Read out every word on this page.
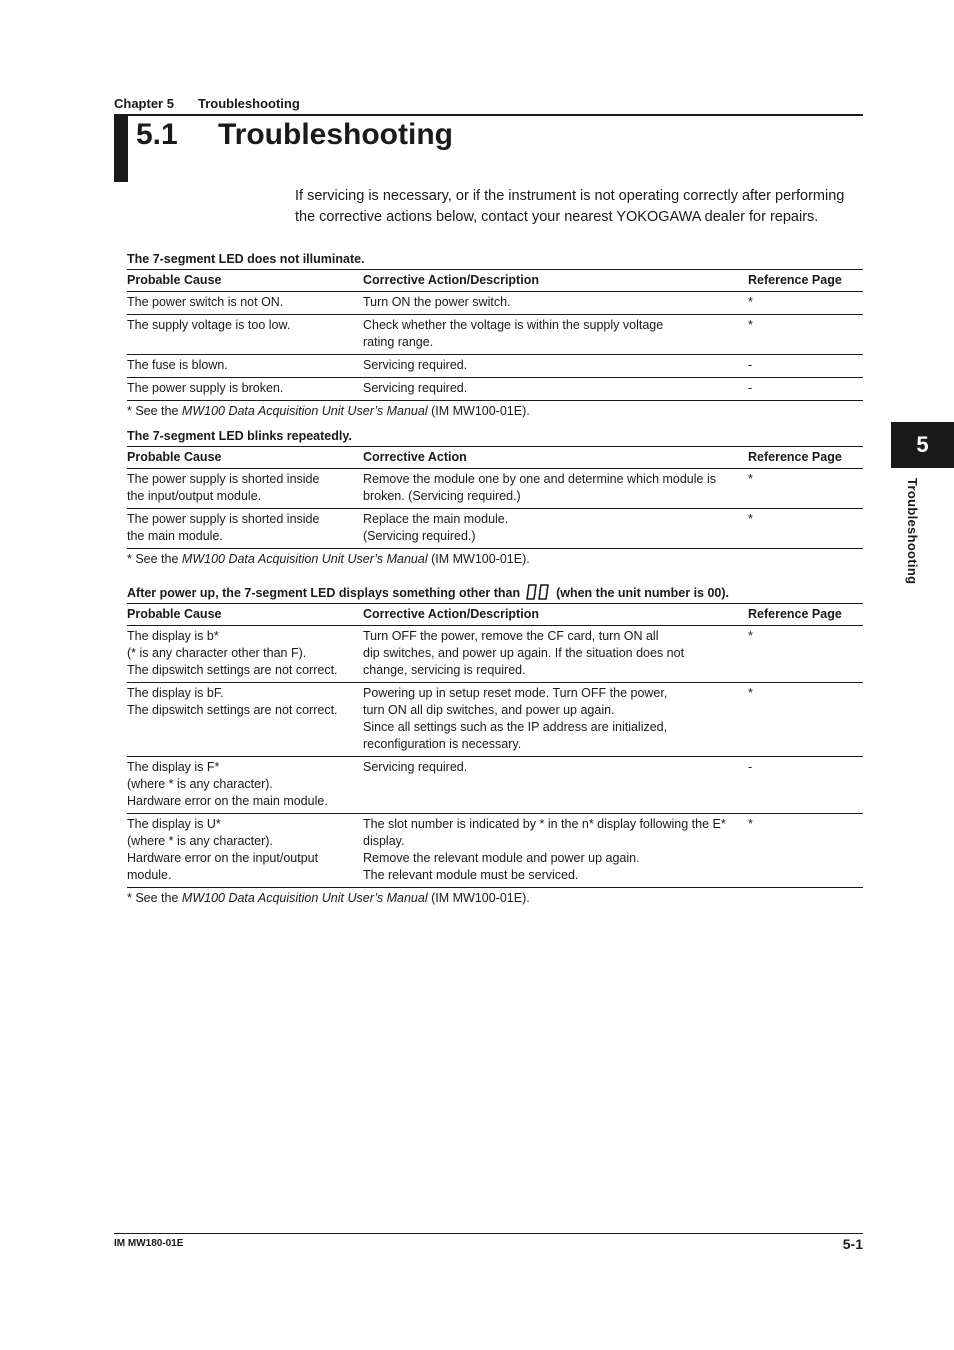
Chapter 5 Troubleshooting
5.1 Troubleshooting
If servicing is necessary, or if the instrument is not operating correctly after performing the corrective actions below, contact your nearest YOKOGAWA dealer for repairs.
The 7-segment LED does not illuminate.
Probable Cause	Corrective Action/Description	Reference Page

The power switch is not ON.	Turn ON the power switch.	*

The supply voltage is too low.	Check whether the voltage is within the supply voltage
rating range.	*

The fuse is blown.	Servicing required.	-

The power supply is broken.	Servicing required.	-
* See the MW100 Data Acquisition Unit User’s Manual (IM MW100-01E).
The 7-segment LED blinks repeatedly.
Probable Cause	Corrective Action	Reference Page

The power supply is shorted inside
the input/output module.	Remove the module one by one and determine which module is
broken. (Servicing required.)	*

The power supply is shorted inside
the main module.	Replace the main module.
(Servicing required.)	*
* See the MW100 Data Acquisition Unit User’s Manual (IM MW100-01E).
After power up, the 7-segment LED displays something other than	(when the unit number is 00).
Probable Cause	Corrective Action/Description	Reference Page

The display is b*
(* is any character other than F).
The dipswitch settings are not correct.	Turn OFF the power, remove the CF card, turn ON all
dip switches, and power up again. If the situation does not
change, servicing is required.	*

The display is bF.
The dipswitch settings are not correct.	Powering up in setup reset mode. Turn OFF the power,
turn ON all dip switches, and power up again.
Since all settings such as the IP address are initialized,
reconfiguration is necessary.	*

The display is F*
(where * is any character).
Hardware error on the main module.	Servicing required.	-

The display is U*
(where * is any character).
Hardware error on the input/output
module.	The slot number is indicated by * in the n* display following the E*
display.
Remove the relevant module and power up again.
The relevant module must be serviced.	*
* See the MW100 Data Acquisition Unit User’s Manual (IM MW100-01E).
5
Troubleshooting
IM MW180-01E	5-1
